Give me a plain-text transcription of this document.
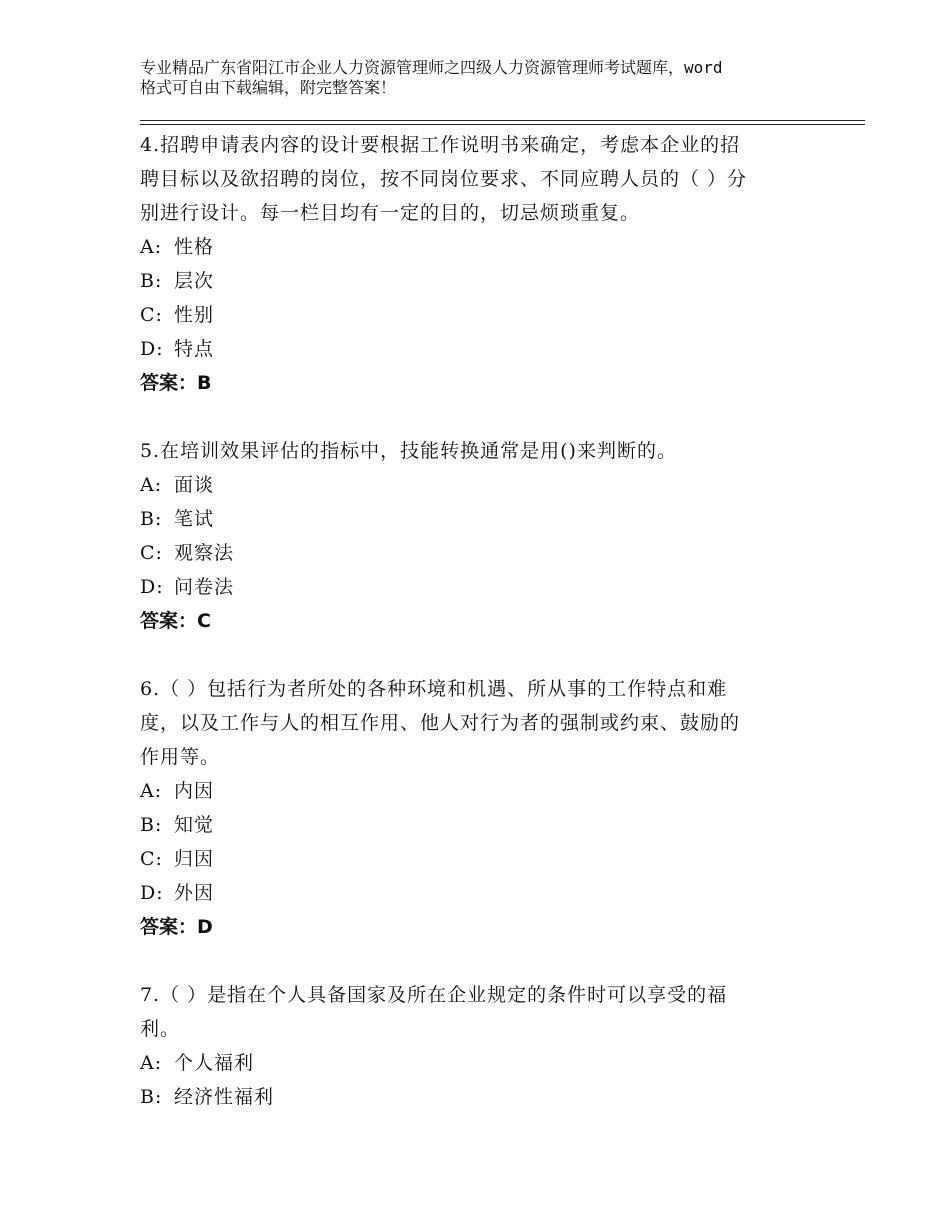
专业精品广东省阳江市企业人力资源管理师之四级人力资源管理师考试题库，word
格式可自由下载编辑，附完整答案！

4.招聘申请表内容的设计要根据工作说明书来确定，考虑本企业的招

聘目标以及欲招聘的岗位，按不同岗位要求、不同应聘人员的（ ）分

别进行设计。每一栏目均有一定的目的，切忌烦琐重复。

A: 性格

B: 层次

C: 性别

D: 特点

答案：B

5.在培训效果评估的指标中，技能转换通常是用()来判断的。

A: 面谈

B: 笔试

C: 观察法

D: 问卷法

答案：C

6.（ ）包括行为者所处的各种环境和机遇、所从事的工作特点和难

度，以及工作与人的相互作用、他人对行为者的强制或约束、鼓励的

作用等。

A: 内因

B: 知觉

C: 归因

D: 外因

答案：D

7.（ ）是指在个人具备国家及所在企业规定的条件时可以享受的福

利。

A: 个人福利

B: 经济性福利
